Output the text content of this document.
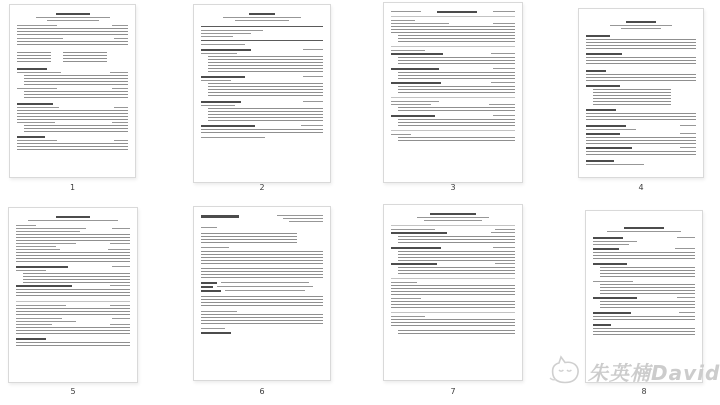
1	2	3	4
5	6	7	8
朱英楠David
